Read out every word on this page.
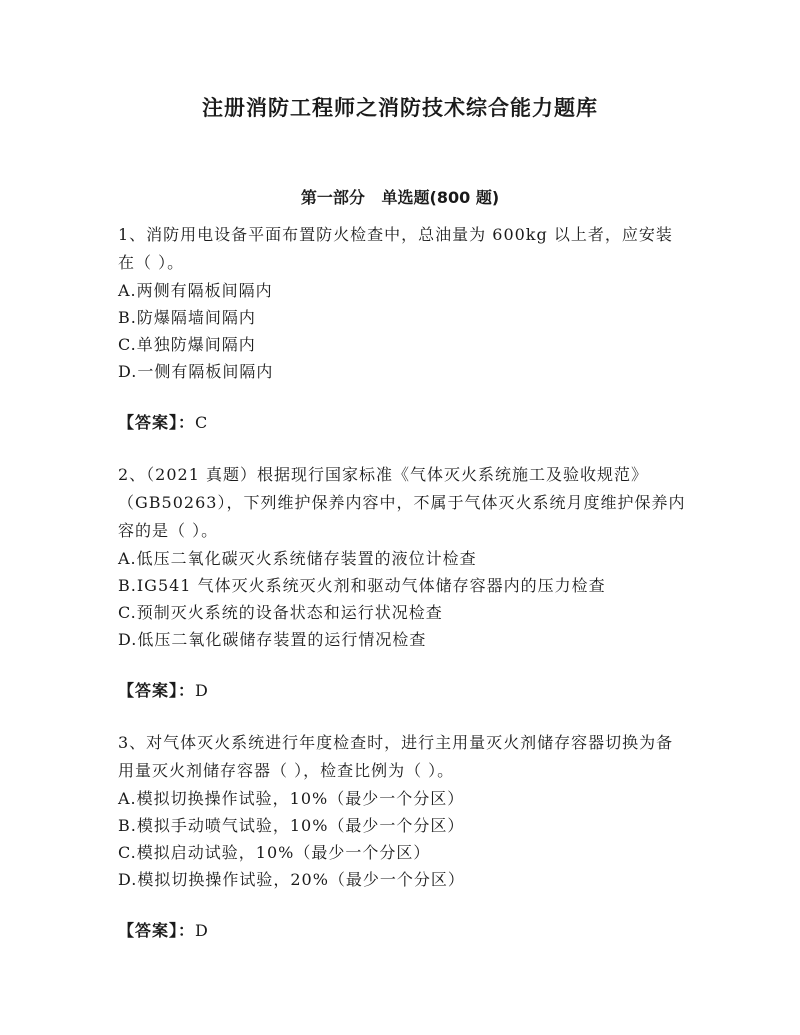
注册消防工程师之消防技术综合能力题库
第一部分   单选题(800 题)

1、消防用电设备平面布置防火检查中，总油量为 600kg 以上者，应安装在（ ）。

A.两侧有隔板间隔内

B.防爆隔墙间隔内

C.单独防爆间隔内

D.一侧有隔板间隔内

【答案】：C

2、（2021 真题）根据现行国家标准《气体灭火系统施工及验收规范》（GB50263），下列维护保养内容中，不属于气体灭火系统月度维护保养内容的是（ ）。

A.低压二氧化碳灭火系统储存装置的液位计检查

B.IG541 气体灭火系统灭火剂和驱动气体储存容器内的压力检查

C.预制灭火系统的设备状态和运行状况检查

D.低压二氧化碳储存装置的运行情况检查

【答案】：D

3、对气体灭火系统进行年度检查时，进行主用量灭火剂储存容器切换为备用量灭火剂储存容器（ ），检查比例为（ ）。

A.模拟切换操作试验，10%（最少一个分区）

B.模拟手动喷气试验，10%（最少一个分区）

C.模拟启动试验，10%（最少一个分区）

D.模拟切换操作试验，20%（最少一个分区）

【答案】：D
